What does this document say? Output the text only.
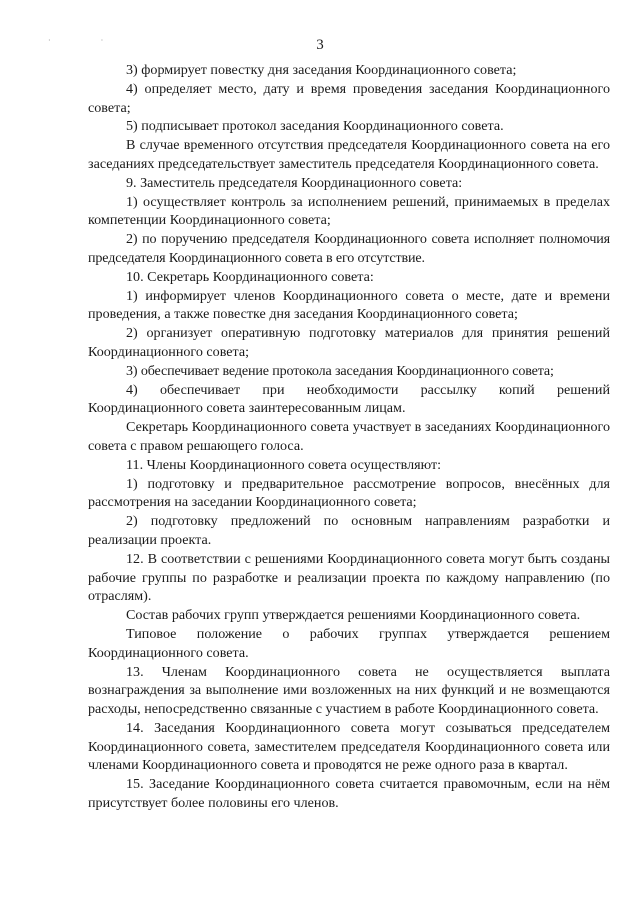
· ·	3

3) формирует повестку дня заседания Координационного совета;

4) определяет место, дату и время проведения заседания Координационного совета;

5) подписывает протокол заседания Координационного совета.

В случае временного отсутствия председателя Координационного совета на его заседаниях председательствует заместитель председателя Координационного совета.

9. Заместитель председателя Координационного совета:

1) осуществляет контроль за исполнением решений, принимаемых в пределах компетенции Координационного совета;

2) по поручению председателя Координационного совета исполняет полномочия председателя Координационного совета в его отсутствие.

10. Секретарь Координационного совета:

1) информирует членов Координационного совета о месте, дате и времени проведения, а также повестке дня заседания Координационного совета;

2) организует оперативную подготовку материалов для принятия решений Координационного совета;

3) обеспечивает ведение протокола заседания Координационного совета;

4) обеспечивает при необходимости рассылку копий решений Координационного совета заинтересованным лицам.

Секретарь Координационного совета участвует в заседаниях Координационного совета с правом решающего голоса.

11. Члены Координационного совета осуществляют:

1) подготовку и предварительное рассмотрение вопросов, внесённых для рассмотрения на заседании Координационного совета;

2) подготовку предложений по основным направлениям разработки и реализации проекта.

12. В соответствии с решениями Координационного совета могут быть созданы рабочие группы по разработке и реализации проекта по каждому направлению (по отраслям).

Состав рабочих групп утверждается решениями Координационного совета.

Типовое положение о рабочих группах утверждается решением Координационного совета.

13. Членам Координационного совета не осуществляется выплата вознаграждения за выполнение ими возложенных на них функций и не возмещаются расходы, непосредственно связанные с участием в работе Координационного совета.

14. Заседания Координационного совета могут созываться председателем Координационного совета, заместителем председателя Координационного совета или членами Координационного совета и проводятся не реже одного раза в квартал.

15. Заседание Координационного совета считается правомочным, если на нём присутствует более половины его членов.
